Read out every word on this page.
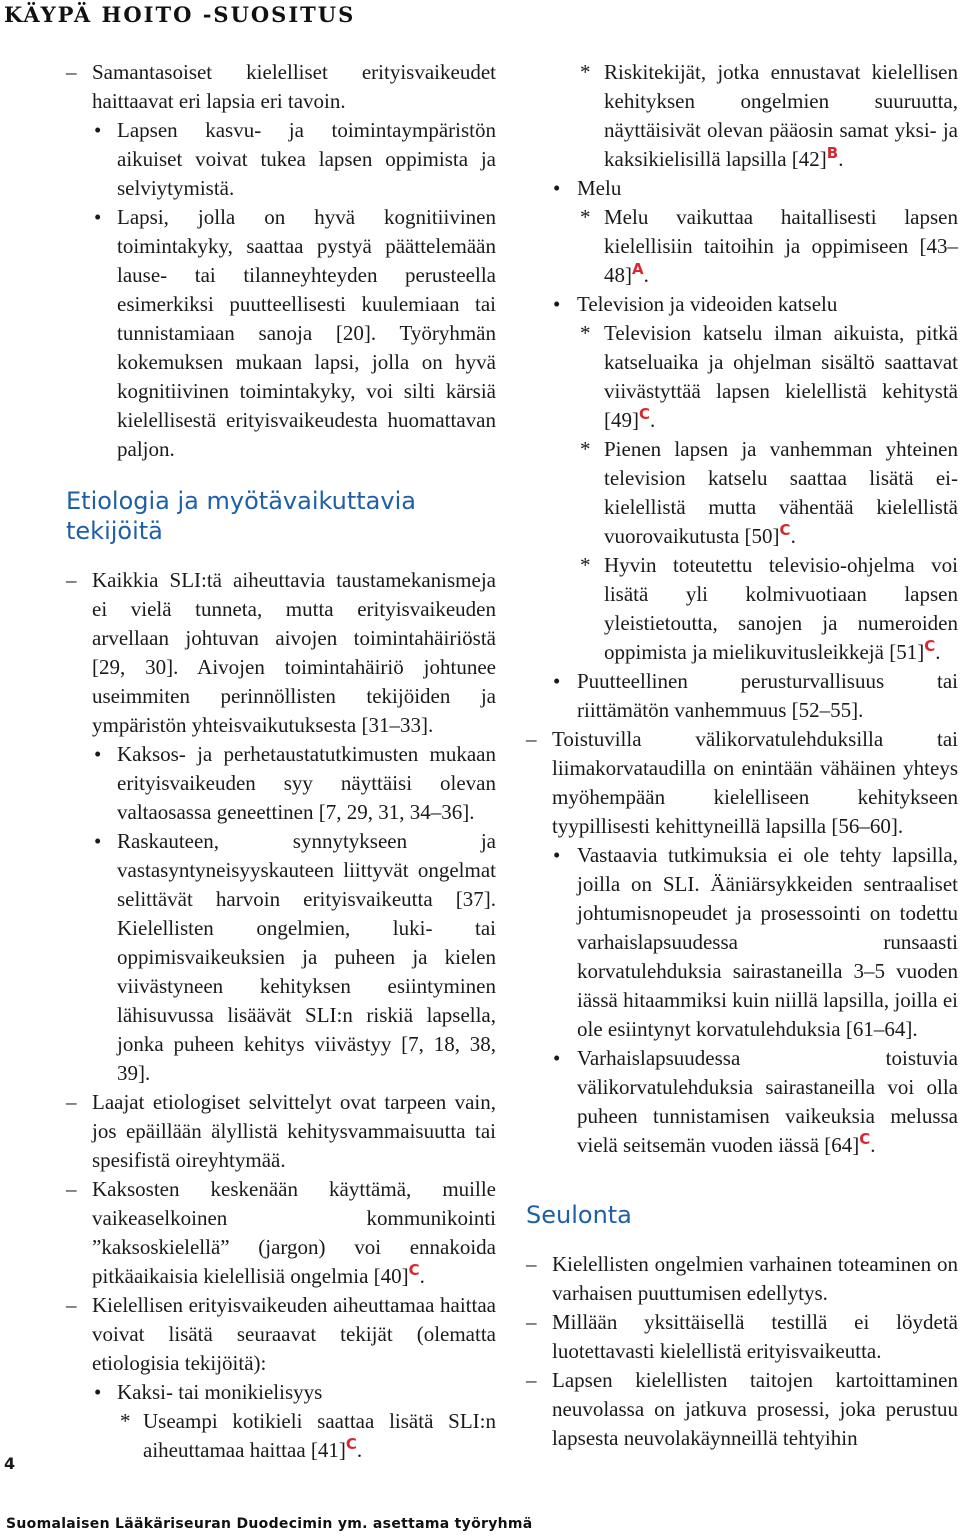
KÄYPÄ HOITO -SUOSITUS

– Samantasoiset kielelliset erityisvaikeudet haittaavat eri lapsia eri tavoin.

• Lapsen kasvu- ja toimintaympäristön aikuiset voivat tukea lapsen oppimista ja selviytymistä.

• Lapsi, jolla on hyvä kognitiivinen toimintakyky, saattaa pystyä päättelemään lause- tai tilanneyhteyden perusteella esimerkiksi puutteellisesti kuulemiaan tai tunnistamiaan sanoja [20]. Työryhmän kokemuksen mukaan lapsi, jolla on hyvä kognitiivinen toimintakyky, voi silti kärsiä kielellisestä erityisvaikeudesta huomattavan paljon.

Etiologia ja myötävaikuttavia tekijöitä

– Kaikkia SLI:tä aiheuttavia taustamekanismeja ei vielä tunneta, mutta erityisvaikeuden arvellaan johtuvan aivojen toimintahäiriöstä [29, 30]. Aivojen toimintahäiriö johtunee useimmiten perinnöllisten tekijöiden ja ympäristön yhteisvaikutuksesta [31–33].

• Kaksos- ja perhetaustatutkimusten mukaan erityisvaikeuden syy näyttäisi olevan valtaosassa geneettinen [7, 29, 31, 34–36].

• Raskauteen, synnytykseen ja vastasyntyneisyyskauteen liittyvät ongelmat selittävät harvoin erityisvaikeutta [37]. Kielellisten ongelmien, luki- tai oppimisvaikeuksien ja puheen ja kielen viivästyneen kehityksen esiintyminen lähisuvussa lisäävät SLI:n riskiä lapsella, jonka puheen kehitys viivästyy [7, 18, 38, 39].

– Laajat etiologiset selvittelyt ovat tarpeen vain, jos epäillään älyllistä kehitysvammaisuutta tai spesifistä oireyhtymää.

– Kaksosten keskenään käyttämä, muille vaikeaselkoinen kommunikointi ”kaksoskielellä” (jargon) voi ennakoida pitkäaikaisia kielellisiä ongelmia $[40]^C$.

– Kielellisen erityisvaikeuden aiheuttamaa haittaa voivat lisätä seuraavat tekijät (olematta etiologisia tekijöitä):

• Kaksi- tai monikielisyys

* Useampi kotikieli saattaa lisätä SLI:n aiheuttamaa haittaa $[41]^C$.

* Riskitekijät, jotka ennustavat kielellisen kehityksen ongelmien suuruutta, näyttäisivät olevan pääosin samat yksi- ja kaksikielisillä lapsilla $[42]^B$.

• Melu

* Melu vaikuttaa haitallisesti lapsen kielellisiin taitoihin ja oppimiseen $[43-48]^A$.

• Television ja videoiden katselu

* Television katselu ilman aikuista, pitkä katseluaika ja ohjelman sisältö saattavat viivästyttää lapsen kielellistä kehitystä $[49]^C$.

* Pienen lapsen ja vanhemman yhteinen television katselu saattaa lisätä ei-kielellistä mutta vähentää kielellistä vuorovaikutusta $[50]^C$.

* Hyvin toteutettu televisio-ohjelma voi lisätä yli kolmivuotiaan lapsen yleistietoutta, sanojen ja numeroiden oppimista ja mielikuvitusleikkejä $[51]^C$.

• Puutteellinen perusturvallisuus tai riittämätön vanhemmuus [52–55].

– Toistuvilla välikorvatulehduksilla tai liimakorvataudilla on enintään vähäinen yhteys myöhempään kielelliseen kehitykseen tyypillisesti kehittyneillä lapsilla [56–60].

• Vastaavia tutkimuksia ei ole tehty lapsilla, joilla on SLI. Ääniärsykkeiden sentraaliset johtumisnopeudet ja prosessointi on todettu varhaislapsuudessa runsaasti korvatulehduksia sairastaneilla 3–5 vuoden iässä hitaammiksi kuin niillä lapsilla, joilla ei ole esiintynyt korvatulehduksia [61–64].

• Varhaislapsuudessa toistuvia välikorvatulehduksia sairastaneilla voi olla puheen tunnistamisen vaikeuksia melussa vielä seitsemän vuoden iässä $[64]^C$.

Seulonta

– Kielellisten ongelmien varhainen toteaminen on varhaisen puuttumisen edellytys.

– Millään yksittäisellä testillä ei löydetä luotettavasti kielellistä erityisvaikeutta.

– Lapsen kielellisten taitojen kartoittaminen neuvolassa on jatkuva prosessi, joka perustuu lapsesta neuvolakäynneillä tehtyihin

4
Suomalaisen Lääkäriseuran Duodecimin ym. asettama työryhmä
